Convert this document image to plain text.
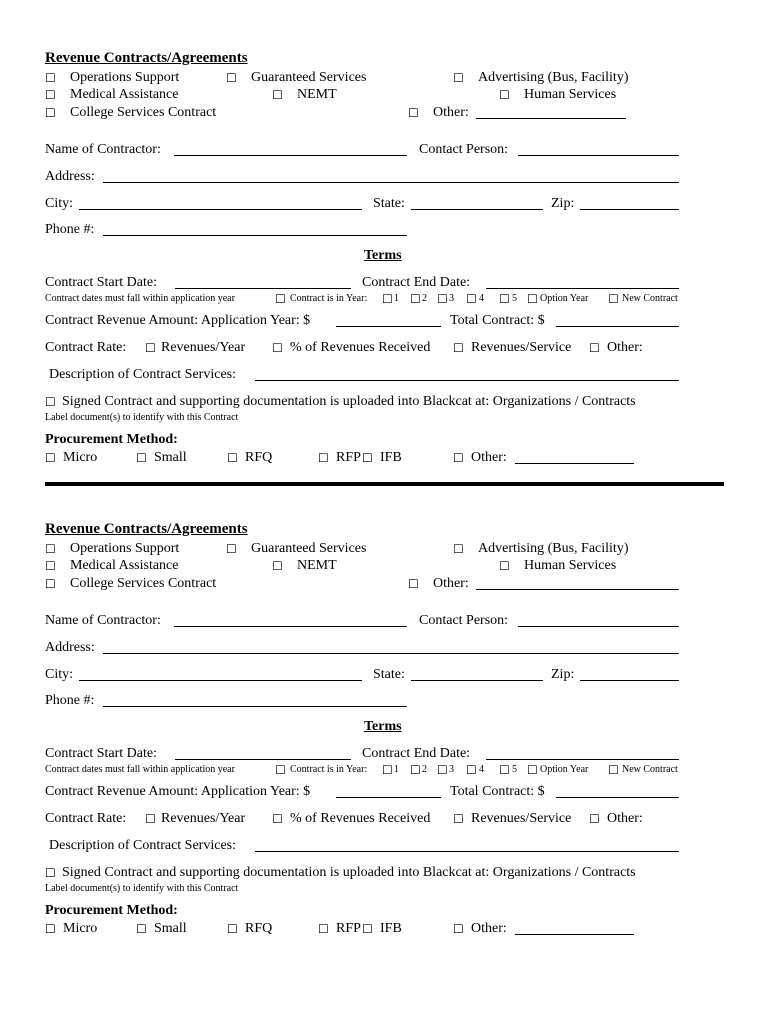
Revenue Contracts/Agreements
☐ Operations Support	☐ Guaranteed Services	☐ Advertising (Bus, Facility)
☐ Medical Assistance	☐ NEMT	☐ Human Services
☐ College Services Contract	☐ Other:
Name of Contractor:	Contact Person:
Address:
City:	State:	Zip:
Phone #:
Terms
Contract Start Date:	Contract End Date:
Contract dates must fall within application year	☐ Contract is in Year: ☐ 1 ☐ 2 ☐ 3 ☐ 4 ☐ 5 ☐ Option Year ☐ New Contract
Contract Revenue Amount: Application Year: $	Total Contract: $
Contract Rate: ☐ Revenues/Year ☐ % of Revenues Received ☐ Revenues/Service ☐ Other:
Description of Contract Services:
☐ Signed Contract and supporting documentation is uploaded into Blackcat at: Organizations / Contracts
Label document(s) to identify with this Contract
Procurement Method:
☐ Micro	☐ Small	☐ RFQ	☐ RFP ☐ IFB	☐ Other:
Revenue Contracts/Agreements
☐ Operations Support	☐ Guaranteed Services	☐ Advertising (Bus, Facility)
☐ Medical Assistance	☐ NEMT	☐ Human Services
☐ College Services Contract	☐ Other:
Name of Contractor:	Contact Person:
Address:
City:	State:	Zip:
Phone #:
Terms
Contract Start Date:	Contract End Date:
Contract dates must fall within application year	☐ Contract is in Year: ☐ 1 ☐ 2 ☐ 3 ☐ 4 ☐ 5 ☐ Option Year ☐ New Contract
Contract Revenue Amount: Application Year: $	Total Contract: $
Contract Rate: ☐ Revenues/Year ☐ % of Revenues Received ☐ Revenues/Service ☐ Other:
Description of Contract Services:
☐ Signed Contract and supporting documentation is uploaded into Blackcat at: Organizations / Contracts
Label document(s) to identify with this Contract
Procurement Method:
☐ Micro	☐ Small	☐ RFQ	☐ RFP ☐ IFB	☐ Other:
